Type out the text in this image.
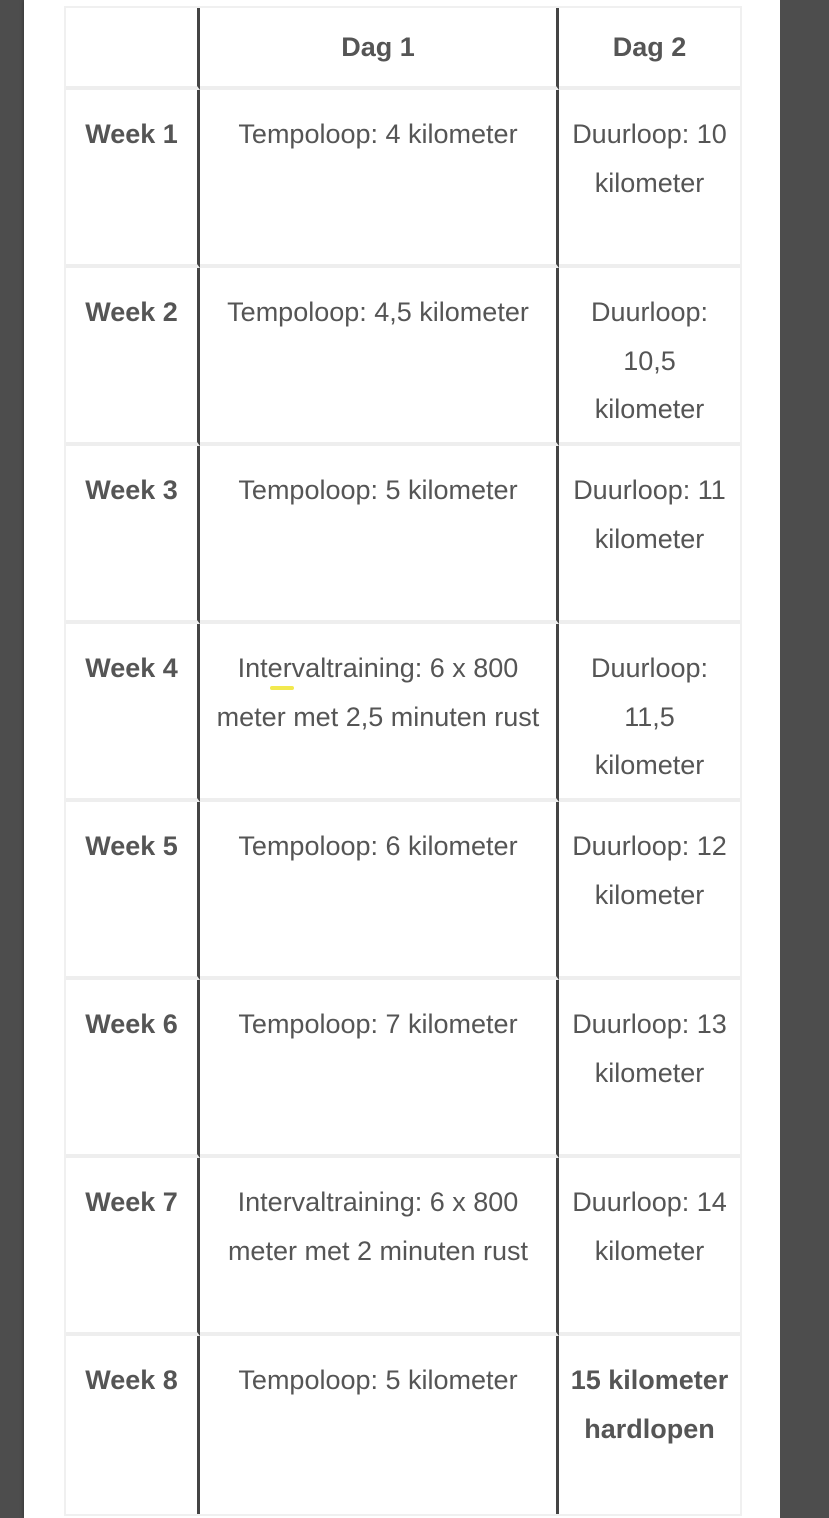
	Dag 1	Dag 2
Week 1	Tempoloop: 4 kilometer	Duurloop: 10 kilometer
Week 2	Tempoloop: 4,5 kilometer	Duurloop: 10,5 kilometer
Week 3	Tempoloop: 5 kilometer	Duurloop: 11 kilometer
Week 4	Intervaltraining: 6 x 800 meter met 2,5 minuten rust	Duurloop: 11,5 kilometer
Week 5	Tempoloop: 6 kilometer	Duurloop: 12 kilometer
Week 6	Tempoloop: 7 kilometer	Duurloop: 13 kilometer
Week 7	Intervaltraining: 6 x 800 meter met 2 minuten rust	Duurloop: 14 kilometer
Week 8	Tempoloop: 5 kilometer	15 kilometer hardlopen
